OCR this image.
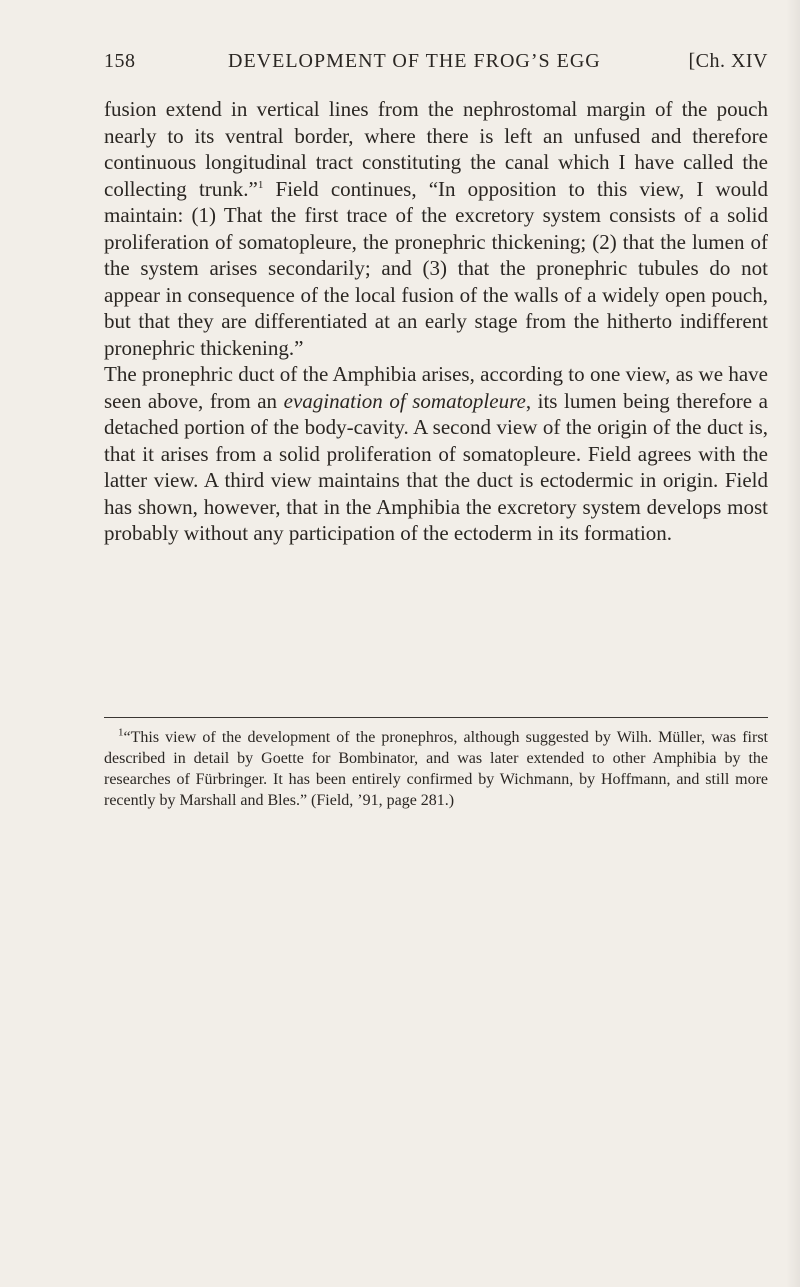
158	DEVELOPMENT OF THE FROG’S EGG	[Ch. XIV

fusion extend in vertical lines from the nephrostomal margin of the pouch nearly to its ventral border, where there is left an unfused and therefore continuous longitudinal tract constituting the canal which I have called the collecting trunk.”$^1$ Field continues, “In opposition to this view, I would maintain: (1) That the first trace of the excretory system consists of a solid proliferation of somatopleure, the pronephric thickening; (2) that the lumen of the system arises secondarily; and (3) that the pronephric tubules do not appear in consequence of the local fusion of the walls of a widely open pouch, but that they are differentiated at an early stage from the hitherto indifferent pronephric thickening.”

The pronephric duct of the Amphibia arises, according to one view, as we have seen above, from an evagination of somatopleure, its lumen being therefore a detached portion of the body-cavity. A second view of the origin of the duct is, that it arises from a solid proliferation of somatopleure. Field agrees with the latter view. A third view maintains that the duct is ectodermic in origin. Field has shown, however, that in the Amphibia the excretory system develops most probably without any participation of the ectoderm in its formation.

$^1$“This view of the development of the pronephros, although suggested by Wilh. Müller, was first described in detail by Goette for Bombinator, and was later extended to other Amphibia by the researches of Fürbringer. It has been entirely confirmed by Wichmann, by Hoffmann, and still more recently by Marshall and Bles.” (Field, ’91, page 281.)
